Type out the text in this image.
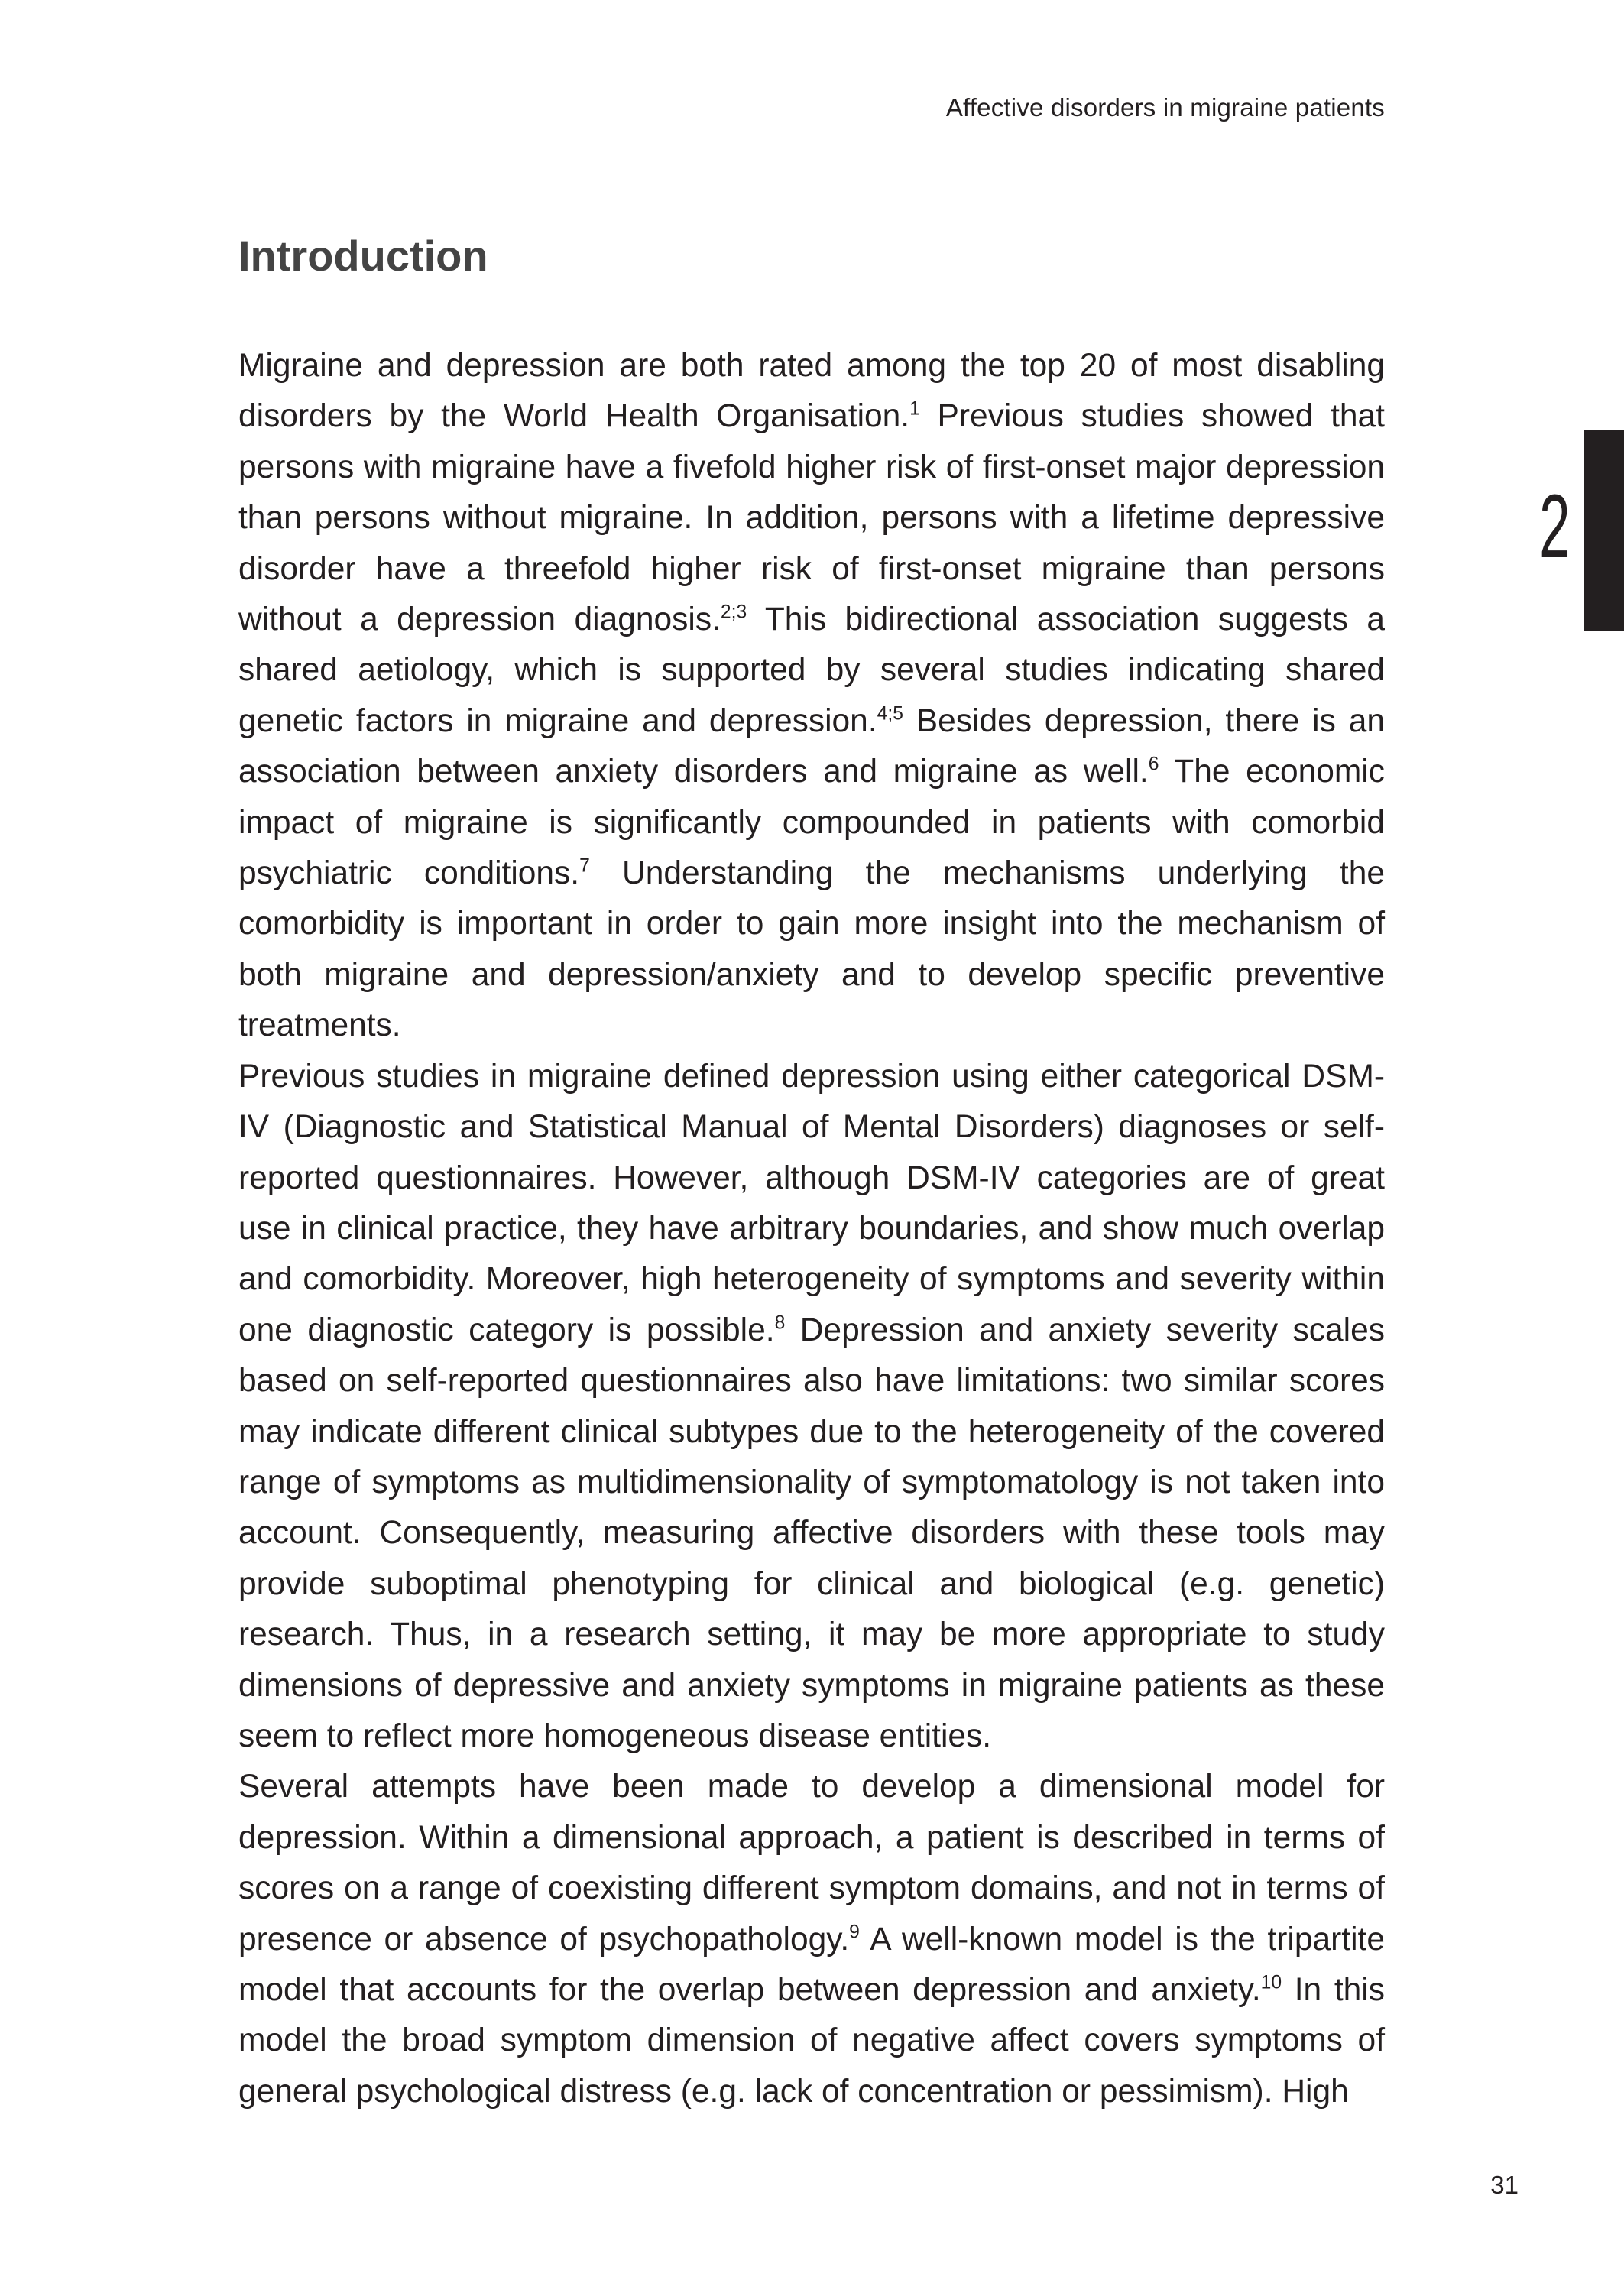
Affective disorders in migraine patients
2
Introduction

Migraine and depression are both rated among the top 20 of most disabling disorders by the World Health Organisation.$^1$ Previous studies showed that persons with migraine have a fivefold higher risk of first-onset major depression than persons without migraine. In addition, persons with a lifetime depressive disorder have a threefold higher risk of first-onset migraine than persons without a depression diagnosis.$^{2;3}$ This bidirectional association suggests a shared aetiology, which is supported by several studies indicating shared genetic factors in migraine and depression.$^{4;5}$ Besides depression, there is an association between anxiety disorders and migraine as well.$^6$ The economic impact of migraine is significantly compounded in patients with comorbid psychiatric conditions.$^7$ Understanding the mechanisms underlying the comorbidity is important in order to gain more insight into the mechanism of both migraine and depression/anxiety and to develop specific preventive treatments.

Previous studies in migraine defined depression using either categorical DSM-IV (Diagnostic and Statistical Manual of Mental Disorders) diagnoses or self-reported questionnaires. However, although DSM-IV categories are of great use in clinical practice, they have arbitrary boundaries, and show much overlap and comorbidity. Moreover, high heterogeneity of symptoms and severity within one diagnostic category is possible.$^8$ Depression and anxiety severity scales based on self-reported questionnaires also have limitations: two similar scores may indicate different clinical subtypes due to the heterogeneity of the covered range of symptoms as multidimensionality of symptomatology is not taken into account. Consequently, measuring affective disorders with these tools may provide suboptimal phenotyping for clinical and biological (e.g. genetic) research. Thus, in a research setting, it may be more appropriate to study dimensions of depressive and anxiety symptoms in migraine patients as these seem to reflect more homogeneous disease entities.

Several attempts have been made to develop a dimensional model for depression. Within a dimensional approach, a patient is described in terms of scores on a range of coexisting different symptom domains, and not in terms of presence or absence of psychopathology.$^9$ A well-known model is the tripartite model that accounts for the overlap between depression and anxiety.$^{10}$ In this model the broad symptom dimension of negative affect covers symptoms of general psychological distress (e.g. lack of concentration or pessimism). High

31
